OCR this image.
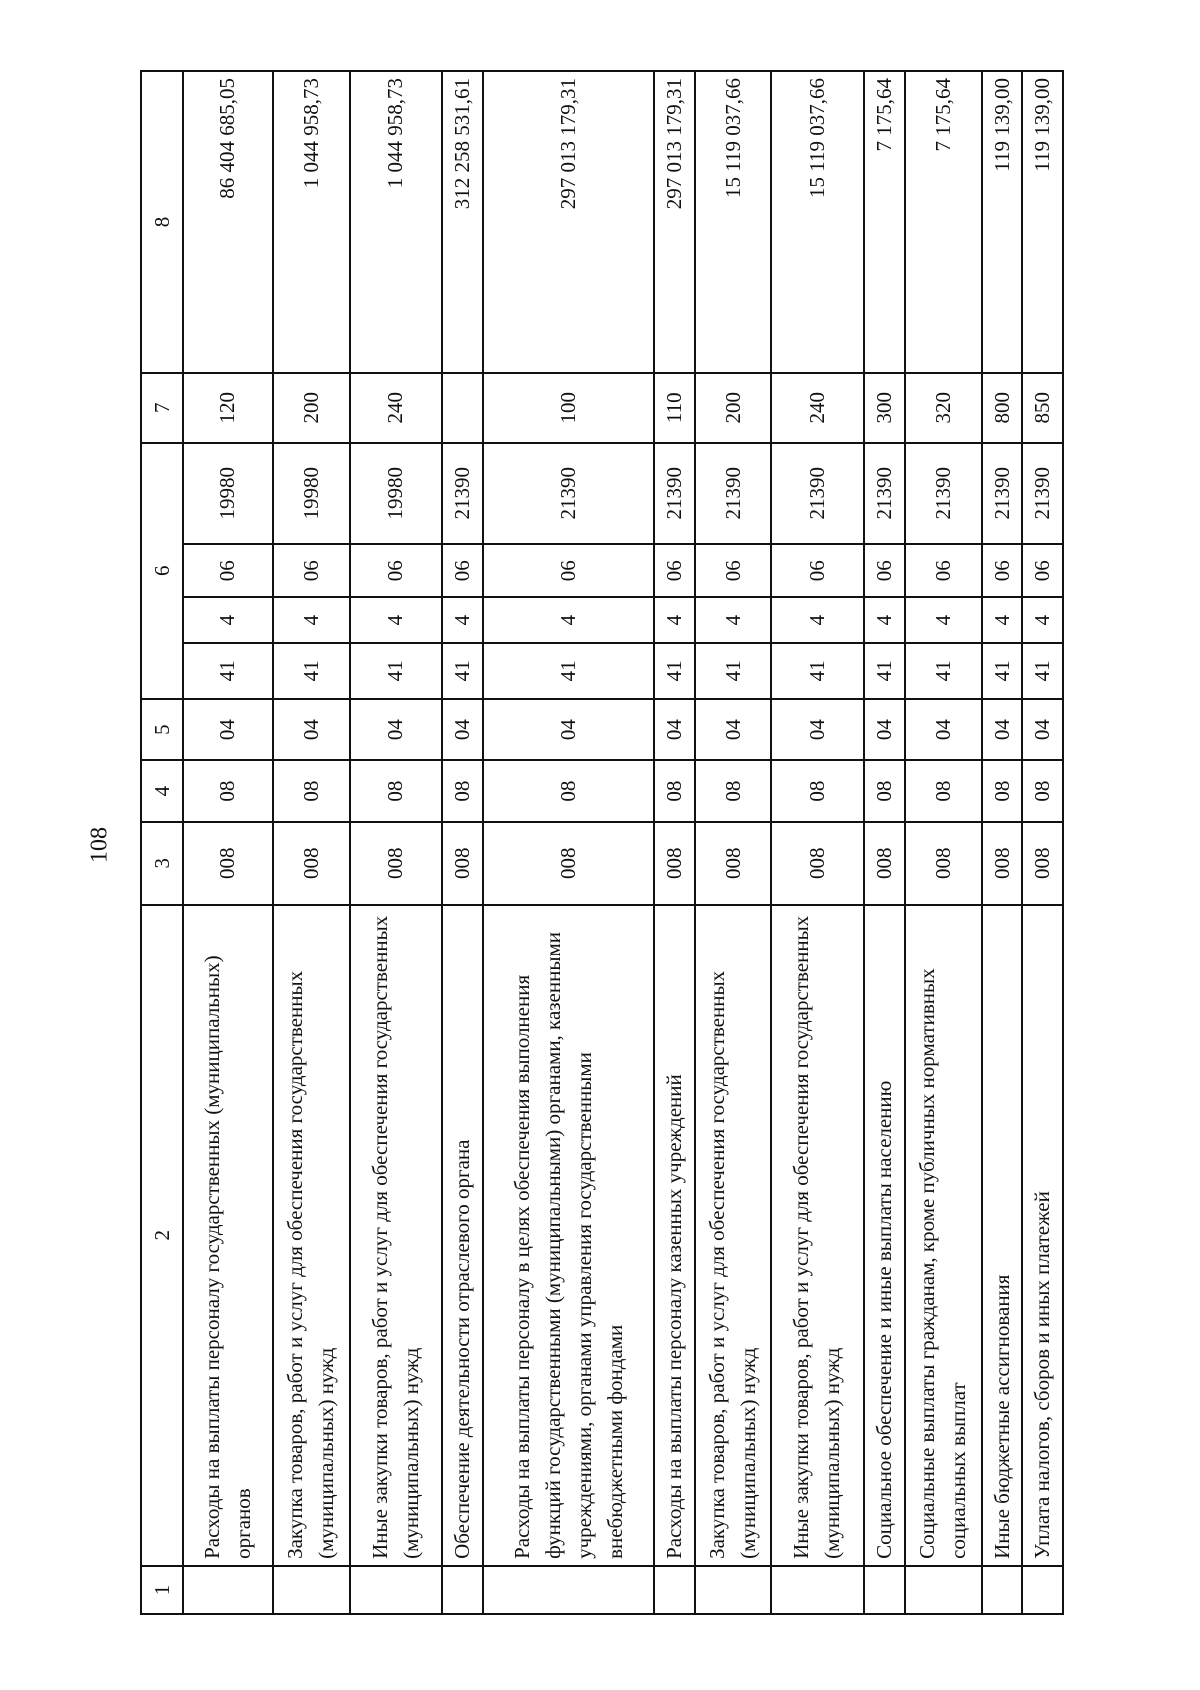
108
1	2	3	4	5	6				7	8
	Расходы на выплаты персоналу государственных (муниципальных) органов	008	08	04	41	4	06	19980	120	86 404 685,05
	Закупка товаров, работ и услуг для обеспечения государственных (муниципальных) нужд	008	08	04	41	4	06	19980	200	1 044 958,73
	Иные закупки товаров, работ и услуг для обеспечения государственных (муниципальных) нужд	008	08	04	41	4	06	19980	240	1 044 958,73
	Обеспечение деятельности отраслевого органа	008	08	04	41	4	06	21390		312 258 531,61
	Расходы на выплаты персоналу в целях обеспечения выполнения функций государственными (муниципальными) органами, казенными учреждениями, органами управления государственными внебюджетными фондами	008	08	04	41	4	06	21390	100	297 013 179,31
	Расходы на выплаты персоналу казенных учреждений	008	08	04	41	4	06	21390	110	297 013 179,31
	Закупка товаров, работ и услуг для обеспечения государственных (муниципальных) нужд	008	08	04	41	4	06	21390	200	15 119 037,66
	Иные закупки товаров, работ и услуг для обеспечения государственных (муниципальных) нужд	008	08	04	41	4	06	21390	240	15 119 037,66
	Социальное обеспечение и иные выплаты населению	008	08	04	41	4	06	21390	300	7 175,64
	Социальные выплаты гражданам, кроме публичных нормативных социальных выплат	008	08	04	41	4	06	21390	320	7 175,64
	Иные бюджетные ассигнования	008	08	04	41	4	06	21390	800	119 139,00
	Уплата налогов, сборов и иных платежей	008	08	04	41	4	06	21390	850	119 139,00
